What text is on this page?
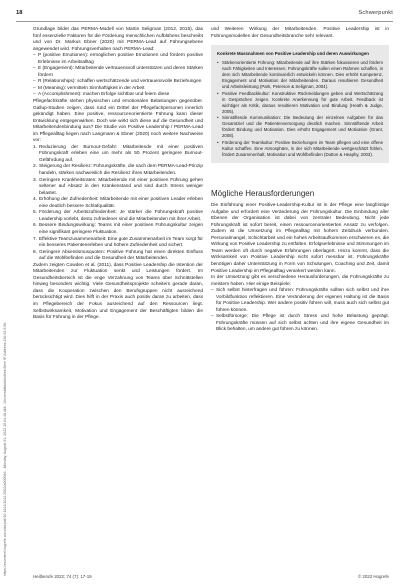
https://econtent.hogrefe.com/doi/pdf/10.1024/1012-5302/a000946 - Monday, August 01, 2022 10:04:48 AM - Universitätsbibliothek Bern IP Address:130.92.9.56
18	Schwerpunkt

Grundlage bildet das PERMA-Modell von Martin Seligman (2012, 2015), das fünf essenzielle Faktoren für die Förderung menschlichen Aufblühens beschreibt und von Dr. Markus Ebner (2020) mit PERMA-Lead auf Führungsebene angewendet wird. Führungsverhalten nach PERMA-Lead:

– P (positive Emotionen): ermöglichen positive Emotionen und fördern positive Erlebnisse im Arbeitsalltag
– E (Engagement): Mitarbeitende vertrauensvoll unterstützen und deren Stärken fördern
– R (Relationships): schaffen wertschätzende und vertrauensvolle Beziehungen
– M (Meaning): vermitteln Sinnhaftigkeit in der Arbeit
– A (Accomplishment): machen Erfolge sichtbar und feiern diese

Pflegefachkräfte stehen physischen und emotionalen Belastungen gegenüber. Gallup-Studien zeigen, dass rund ein Drittel der Pflegefachpersonen innerlich gekündigt haben. Eine positive, ressourcenorientierte Führung kann dieser Entwicklung entgegenwirken. Doch wie wirkt sich diese auf die Gesundheit und Mitarbeitendenbindung aus? Die Studie von Positive Leadership / PERMA-Lead im Pflegealltag liegen nach Langmann & Ebner (2020) noch weitere Nachweise vor:

1. Reduzierung der Burnout-Gefahr: Mitarbeitende mit einer positiven Führungskraft erleben eine um mehr als 50 Prozent geringere Burnout-Gefährdung auf.
2. Steigerung der Resilienz: Führungskräfte, die nach dem PERMA-Lead-Prinzip handeln, stärken nachweislich die Resilienz ihres Mitarbeitenden.
3. Geringere Krankheitsraten: Mitarbeitende mit einer positiven Führung gehen seltener auf Absatz in den Krankenstand und sind durch Stress weniger belastet.
4. Erhöhung der Zufriedenheit: Mitarbeitende mit einer positiven Leader erleben eine deutlich bessere Schlafqualität.
5. Förderung der Arbeitszufriedenheit: Je stärker die Führungskraft positive Leadership vorlebt, desto zufriedener sind die Mitarbeitenden mit ihrer Arbeit.
6. Bessere Bindungswirkung: Teams mit einer positiven Führungskultur zeigen eine signifikant geringere Fluktuation.
7. Effektive Teamzusammenarbeit: Eine gute Zusammenarbeit im Team sorgt für ein besseres Patientenerleben und höhere Zufriedenheit und sichert.
8. Geringere Absentismusquoten: Positive Führung hat einen direkten Einfluss auf die Wohlbefinden und die Gesundheit der Mitarbeitenden.

Zudem zeigten Cowden et al. (2011), dass Positive Leadership die Intention der Mitarbeitenden zur Fluktuation senkt und Leistungen fördert. Im Gesundheitsbereich ist die enge Verzahnung von Teams über Schnittstellen hinweg besonders wichtig. Viele Gesundheitsprojekte scheitern gerade daran, dass die Kooperation zwischen den Berufsgruppen nicht ausreichend berücksichtigt wird. Dies hilft in der Praxis auch positiv daran zu arbeiten, dass im Pflegebereich der Fokus ausreichend auf den Ressourcen liegt. Selbstwirksamkeit, Motivation und Engagement der Beschäftigten bilden die Basis für Führung in der Pflege.

und Weiteren Wirkung der Mitarbeitenden. Positive Leadership ist in Führungsmodellen der Gesundheitsbranche sehr relevant.

Konkrete Massnahmen von Positive Leadership und deren Auswirkungen
• Stärkenorientierte Führung: Mitarbeitende auf ihre Stärken fokussieren und fördern nach Fähigkeiten und Interessen. Führungskräfte sollen einen Rahmen schaffen, in dem sich Mitarbeitende kontinuierlich entwickeln können. Dies erhöht Kompetenz, Engagement und Motivation der Mitarbeitenden. Daraus resultieren Gesundheit und Arbeitsleistung (Park, Peterson & Seligman, 2004).
• Positive Feedbackkultur: Konstruktive Rückmeldungen geben und Wertschätzung in Gesprächen zeigen. Konkrete Anerkennung für gute Arbeit. Feedback ist wichtiger als Kritik, daraus resultieren Motivation und Bindung (Heath & Judge, 2005).
• Sinnstiftende Kommunikation: Die Bedeutung der einzelnen Aufgaben für das Gesamtziel und die Patientenversorgung deutlich machen. Sinnstiftende Arbeit fördert Bindung und Motivation. Dies erhöht Engagement und Motivation (Grant, 2008).
• Förderung der Teamkultur: Positive Beziehungen im Team pflegen und eine offene Kultur schaffen. Eine Atmosphäre, in der sich Mitarbeitende wertgeschätzt fühlen, fördert Zusammenhalt, Motivation und Wohlbefinden (Dutton & Heaphy, 2003).
Mögliche Herausforderungen

Die Einführung einer Positive-Leadership-Kultur ist in der Pflege eine langfristige Aufgabe und erfordert eine Veränderung der Führungskultur. Die Einbindung aller Ebenen der Organisation ist dabei von zentraler Bedeutung. Nicht jede Führungskraft ist sofort bereit, einen ressourcenorientierten Ansatz zu verfolgen. Zudem ist die Umsetzung im Pflegealltag mit hohem Zeitdruck verbunden. Personalmangel, Schichtarbeit und ein hohes Arbeitsaufkommen erschweren es, die Wirkung von Positive Leadership zu entfalten. Erfolgserlebnisse und Stimmungen im Team werden oft durch negative Erfahrungen überlagert. Hinzu kommt, dass die Wirksamkeit von Positive Leadership nicht sofort messbar ist. Führungskräfte benötigen daher Unterstützung in Form von Schulungen, Coaching und Zeit, damit Positive Leadership im Pflegealltag verankert werden kann.

In der Umsetzung gibt es verschiedene Herausforderungen, die Führungskräfte zu meistern haben. Hier einige Beispiele:

– Sich selbst hinterfragen und führen: Führungskräfte sollten sich selbst und ihre Vorbildfunktion reflektieren. Eine Veränderung der eigenen Haltung ist die Basis für Positive Leadership. Wer andere positiv führen will, muss auch sich selbst gut führen können.
– Selbstfürsorge: Die Pflege ist durch Stress und hohe Belastung geprägt. Führungskräfte müssen auf sich selbst achten und ihre eigene Gesundheit im Blick behalten, um andere gut führen zu können.
Heilberufe 2022; 74 (7): 17-19	© 2022 Hogrefe
